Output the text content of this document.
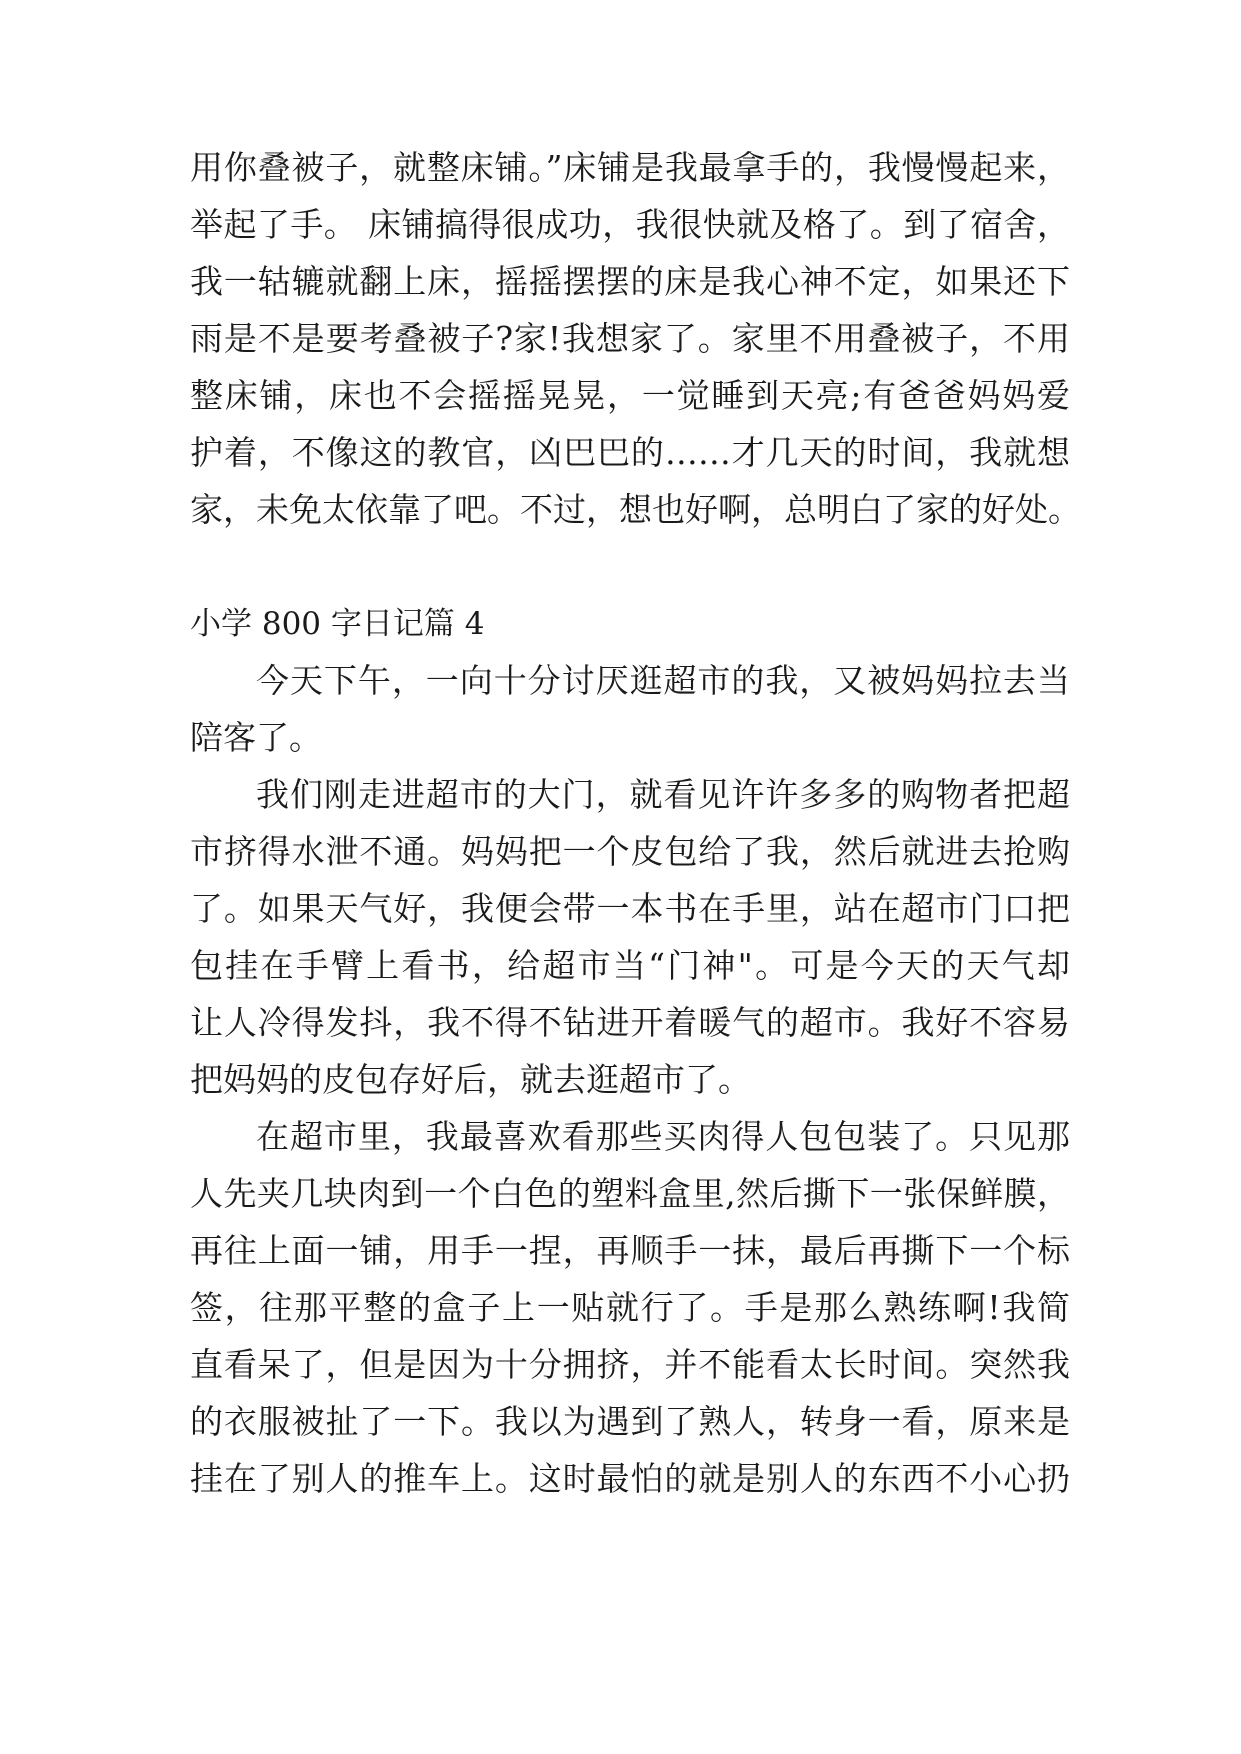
用你叠被子，就整床铺。”床铺是我最拿手的，我慢慢起来，
举起了手。 床铺搞得很成功，我很快就及格了。到了宿舍，
我一轱辘就翻上床，摇摇摆摆的床是我心神不定，如果还下
雨是不是要考叠被子?家!我想家了。家里不用叠被子，不用
整床铺，床也不会摇摇晃晃，一觉睡到天亮;有爸爸妈妈爱
护着，不像这的教官，凶巴巴的……才几天的时间，我就想
家，未免太依靠了吧。不过，想也好啊，总明白了家的好处。
小学 800 字日记篇 4
今天下午，一向十分讨厌逛超市的我，又被妈妈拉去当
陪客了。
我们刚走进超市的大门，就看见许许多多的购物者把超
市挤得水泄不通。妈妈把一个皮包给了我，然后就进去抢购
了。如果天气好，我便会带一本书在手里，站在超市门口把
包挂在手臂上看书，给超市当“门神"。可是今天的天气却
让人冷得发抖，我不得不钻进开着暖气的超市。我好不容易
把妈妈的皮包存好后，就去逛超市了。
在超市里，我最喜欢看那些买肉得人包包装了。只见那
人先夹几块肉到一个白色的塑料盒里,然后撕下一张保鲜膜，
再往上面一铺，用手一捏，再顺手一抹，最后再撕下一个标
签，往那平整的盒子上一贴就行了。手是那么熟练啊!我简
直看呆了，但是因为十分拥挤，并不能看太长时间。突然我
的衣服被扯了一下。我以为遇到了熟人，转身一看，原来是
挂在了别人的推车上。这时最怕的就是别人的东西不小心扔
